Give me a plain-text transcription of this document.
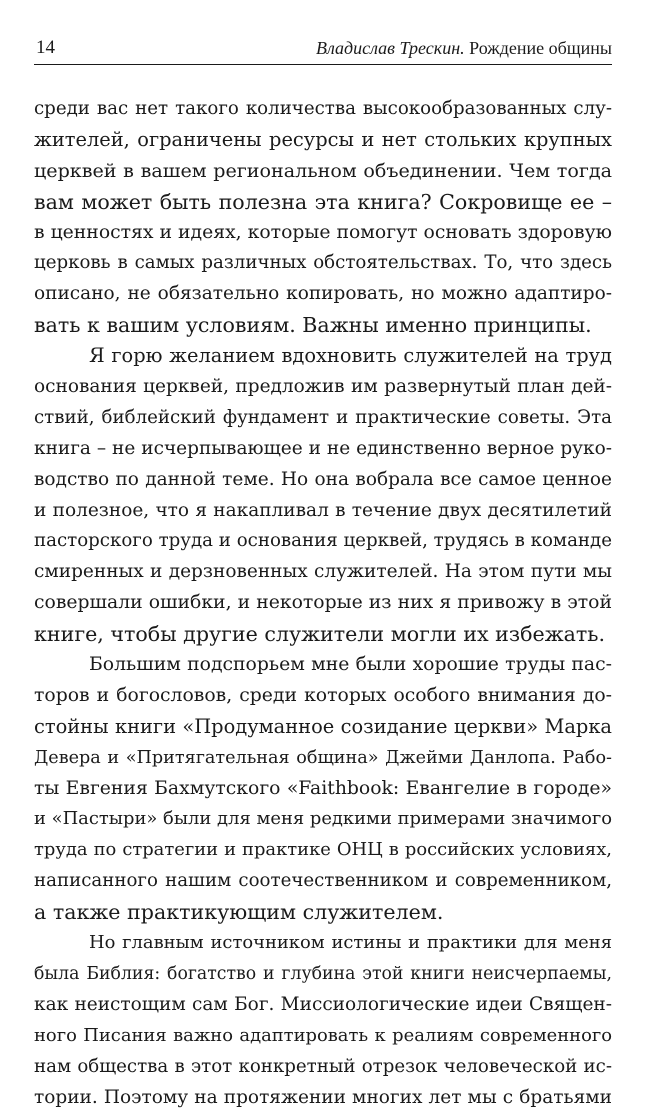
14	Владислав Трескин. Рождение общины
среди вас нет такого количества высокообразованных слу-
жителей, ограничены ресурсы и нет стольких крупных
церквей в вашем региональном объединении. Чем тогда
вам может быть полезна эта книга? Сокровище ее –
в ценностях и идеях, которые помогут основать здоровую
церковь в самых различных обстоятельствах. То, что здесь
описано, не обязательно копировать, но можно адаптиро-
вать к вашим условиям. Важны именно принципы.
Я горю желанием вдохновить служителей на труд
основания церквей, предложив им развернутый план дей-
ствий, библейский фундамент и практические советы. Эта
книга – не исчерпывающее и не единственно верное руко-
водство по данной теме. Но она вобрала все самое ценное
и полезное, что я накапливал в течение двух десятилетий
пасторского труда и основания церквей, трудясь в команде
смиренных и дерзновенных служителей. На этом пути мы
совершали ошибки, и некоторые из них я привожу в этой
книге, чтобы другие служители могли их избежать.
Большим подспорьем мне были хорошие труды пас-
торов и богословов, среди которых особого внимания до-
стойны книги «Продуманное созидание церкви» Марка
Девера и «Притягательная община» Джейми Данлопа. Рабо-
ты Евгения Бахмутского «Faithbook: Евангелие в городе»
и «Пастыри» были для меня редкими примерами значимого
труда по стратегии и практике ОНЦ в российских условиях,
написанного нашим соотечественником и современником,
а также практикующим служителем.
Но главным источником истины и практики для меня
была Библия: богатство и глубина этой книги неисчерпаемы,
как неистощим сам Бог. Миссиологические идеи Священ-
ного Писания важно адаптировать к реалиям современного
нам общества в этот конкретный отрезок человеческой ис-
тории. Поэтому на протяжении многих лет мы с братьями
